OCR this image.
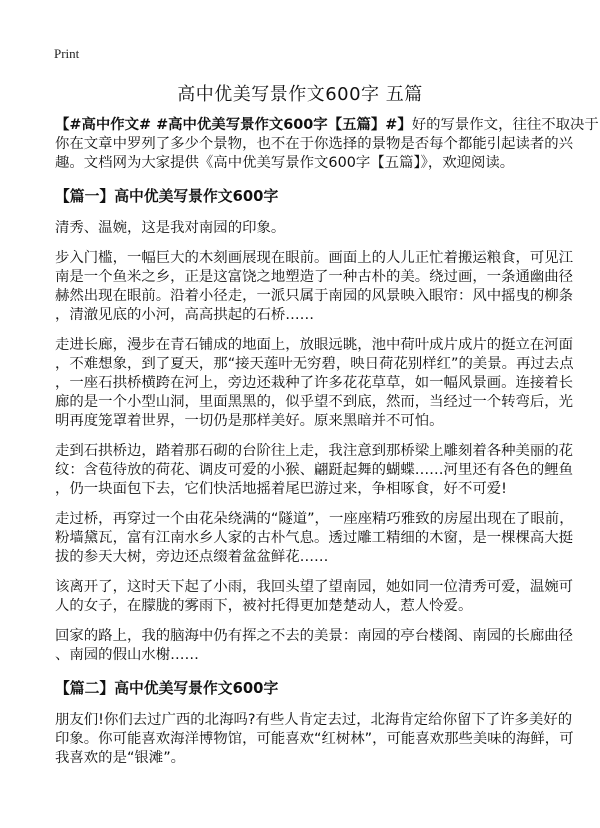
Print
高中优美写景作文600字 五篇

【#高中作文# #高中优美写景作文600字【五篇】#】好的写景作文，往往不取决于
你在文章中罗列了多少个景物，也不在于你选择的景物是否每个都能引起读者的兴
趣。文档网为大家提供《高中优美写景作文600字【五篇】》，欢迎阅读。

【篇一】高中优美写景作文600字

清秀、温婉，这是我对南园的印象。

步入门槛，一幅巨大的木刻画展现在眼前。画面上的人儿正忙着搬运粮食，可见江
南是一个鱼米之乡，正是这富饶之地塑造了一种古朴的美。绕过画，一条通幽曲径
赫然出现在眼前。沿着小径走，一派只属于南园的风景映入眼帘：风中摇曳的柳条
，清澈见底的小河，高高拱起的石桥……

走进长廊，漫步在青石铺成的地面上，放眼远眺，池中荷叶成片成片的挺立在河面
，不难想象，到了夏天，那“接天莲叶无穷碧，映日荷花别样红”的美景。再过去点
，一座石拱桥横跨在河上，旁边还栽种了许多花花草草，如一幅风景画。连接着长
廊的是一个小型山洞，里面黑黑的，似乎望不到底，然而，当经过一个转弯后，光
明再度笼罩着世界，一切仍是那样美好。原来黑暗并不可怕。

走到石拱桥边，踏着那石砌的台阶往上走，我注意到那桥梁上雕刻着各种美丽的花
纹：含苞待放的荷花、调皮可爱的小猴、翩跹起舞的蝴蝶……河里还有各色的鲤鱼
，仍一块面包下去，它们快活地摇着尾巴游过来，争相啄食，好不可爱!

走过桥，再穿过一个由花朵绕满的“隧道”，一座座精巧雅致的房屋出现在了眼前，
粉墙黛瓦，富有江南水乡人家的古朴气息。透过雕工精细的木窗，是一棵棵高大挺
拔的参天大树，旁边还点缀着盆盆鲜花……

该离开了，这时天下起了小雨，我回头望了望南园，她如同一位清秀可爱，温婉可
人的女子，在朦胧的雾雨下，被衬托得更加楚楚动人，惹人怜爱。

回家的路上，我的脑海中仍有挥之不去的美景：南园的亭台楼阁、南园的长廊曲径
、南园的假山水榭……

【篇二】高中优美写景作文600字

朋友们!你们去过广西的北海吗?有些人肯定去过，北海肯定给你留下了许多美好的
印象。你可能喜欢海洋博物馆，可能喜欢“红树林”，可能喜欢那些美味的海鲜，可
我喜欢的是“银滩”。
